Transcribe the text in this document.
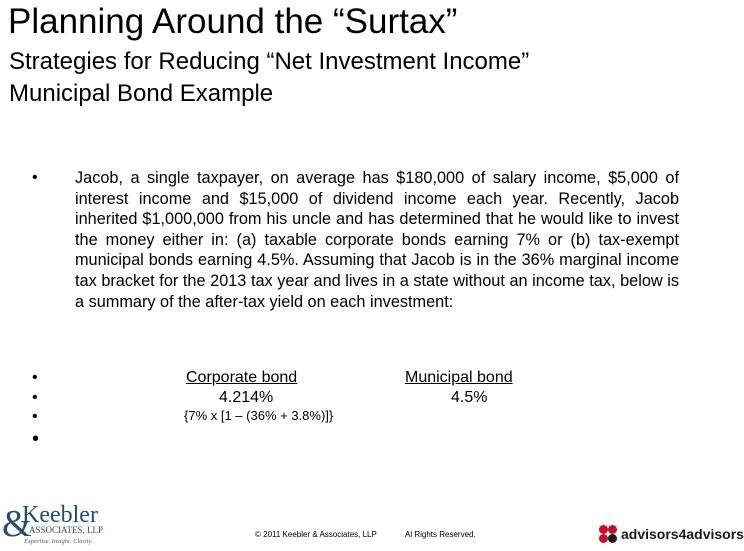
Planning Around the “Surtax”
Strategies for Reducing “Net Investment Income”
Municipal Bond Example
• Jacob, a single taxpayer, on average has $180,000 of salary income, $5,000 of interest income and $15,000 of dividend income each year. Recently, Jacob inherited $1,000,000 from his uncle and has determined that he would like to invest the money either in: (a) taxable corporate bonds earning 7% or (b) tax-exempt municipal bonds earning 4.5%. Assuming that Jacob is in the 36% marginal income tax bracket for the 2013 tax year and lives in a state without an income tax, below is a summary of the after-tax yield on each investment:

•	Corporate bond	Municipal bond
•	4.214%	4.5%
•	{7% x [1 – (36% + 3.8%)]}
•
&
Keebler
ASSOCIATES, LLP
Expertise. Insight. Clarity.
© 2011 Keebler & Associates, LLP	Al Rights Reserved.	advisors4advisors
